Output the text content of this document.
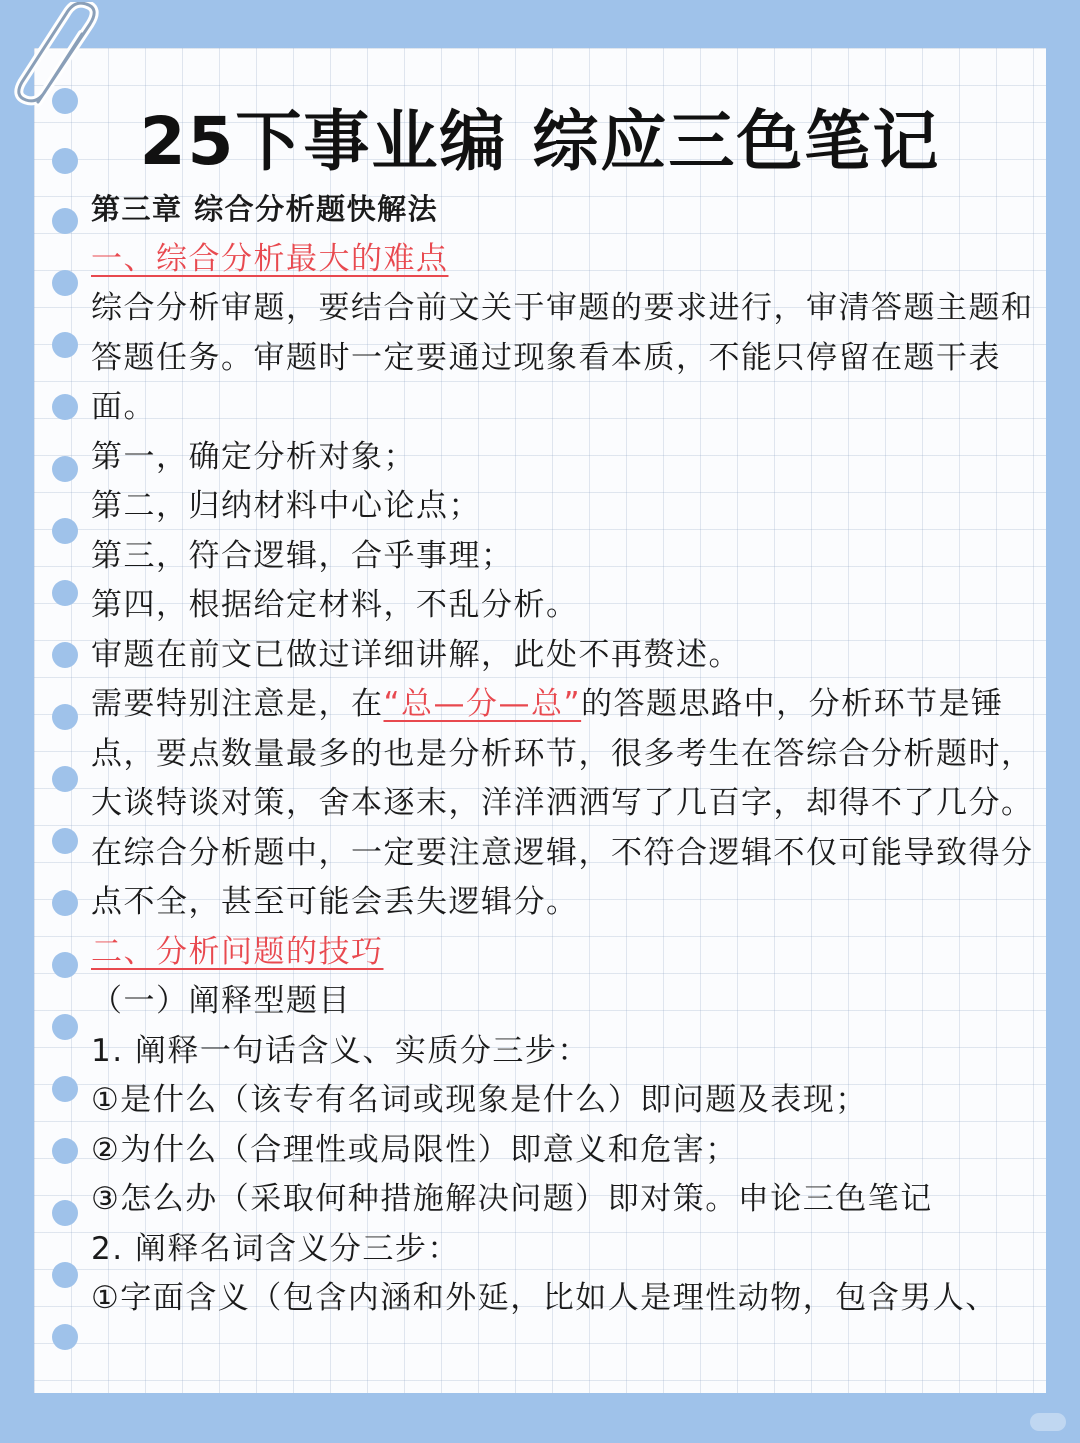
25下事业编 综应三色笔记

第三章 综合分析题快解法

一、综合分析最大的难点

综合分析审题，要结合前文关于审题的要求进行，审清答题主题和答题任务。审题时一定要通过现象看本质，不能只停留在题干表面。

第一，确定分析对象；

第二，归纳材料中心论点；

第三，符合逻辑，合乎事理；

第四，根据给定材料，不乱分析。

审题在前文已做过详细讲解，此处不再赘述。

需要特别注意是，在“总—分—总”的答题思路中，分析环节是锤点，要点数量最多的也是分析环节，很多考生在答综合分析题时，大谈特谈对策，舍本逐末，洋洋洒洒写了几百字，却得不了几分。

在综合分析题中，一定要注意逻辑，不符合逻辑不仅可能导致得分点不全，甚至可能会丢失逻辑分。

二、分析问题的技巧

（一）阐释型题目

1. 阐释一句话含义、实质分三步：

①是什么（该专有名词或现象是什么）即问题及表现；

②为什么（合理性或局限性）即意义和危害；

③怎么办（采取何种措施解决问题）即对策。申论三色笔记

2. 阐释名词含义分三步：

①字面含义（包含内涵和外延，比如人是理性动物，包含男人、
